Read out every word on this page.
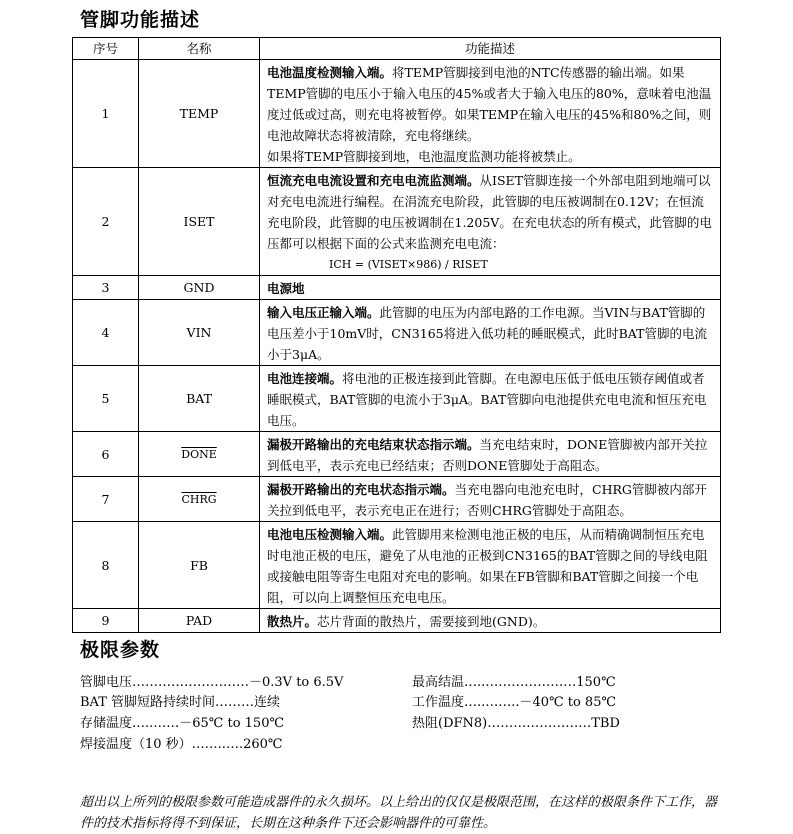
管脚功能描述
序号	名称	功能描述
1	TEMP	电池温度检测输入端。将TEMP管脚接到电池的NTC传感器的输出端。如果TEMP管脚的电压小于输入电压的45%或者大于输入电压的80%，意味着电池温度过低或过高，则充电将被暂停。如果TEMP在输入电压的45%和80%之间，则电池故障状态将被清除，充电将继续。
如果将TEMP管脚接到地，电池温度监测功能将被禁止。
2	ISET	恒流充电电流设置和充电电流监测端。从ISET管脚连接一个外部电阻到地端可以对充电电流进行编程。在涓流充电阶段，此管脚的电压被调制在0.12V；在恒流充电阶段，此管脚的电压被调制在1.205V。在充电状态的所有模式，此管脚的电压都可以根据下面的公式来监测充电电流：
ICH = (VISET×986) / RISET

3	GND	电源地
4	VIN	输入电压正输入端。此管脚的电压为内部电路的工作电源。当VIN与BAT管脚的电压差小于10mV时，CN3165将进入低功耗的睡眠模式，此时BAT管脚的电流小于3μA。
5	BAT	电池连接端。将电池的正极连接到此管脚。在电源电压低于低电压锁存阈值或者睡眠模式，BAT管脚的电流小于3μA。BAT管脚向电池提供充电电流和恒压充电电压。
6	DONE	漏极开路输出的充电结束状态指示端。当充电结束时，DONE管脚被内部开关拉到低电平，表示充电已经结束；否则DONE管脚处于高阻态。
7	CHRG	漏极开路输出的充电状态指示端。当充电器向电池充电时，CHRG管脚被内部开关拉到低电平，表示充电正在进行；否则CHRG管脚处于高阻态。
8	FB	电池电压检测输入端。此管脚用来检测电池正极的电压，从而精确调制恒压充电时电池正极的电压，避免了从电池的正极到CN3165的BAT管脚之间的导线电阻或接触电阻等寄生电阻对充电的影响。如果在FB管脚和BAT管脚之间接一个电阻，可以向上调整恒压充电电压。
9	PAD	散热片。芯片背面的散热片，需要接到地(GND)。
极限参数
管脚电压………………………－0.3V to 6.5V
BAT 管脚短路持续时间………连续
存储温度…..……－65℃ to 150℃
焊接温度（10 秒）……..….260℃
最高结温…..…………………150℃
工作温度…..……..－40℃ to 85℃
热阻(DFN8)……………………TBD
超出以上所列的极限参数可能造成器件的永久损坏。以上给出的仅仅是极限范围，在这样的极限条件下工作，器件的技术指标将得不到保证，长期在这种条件下还会影响器件的可靠性。
